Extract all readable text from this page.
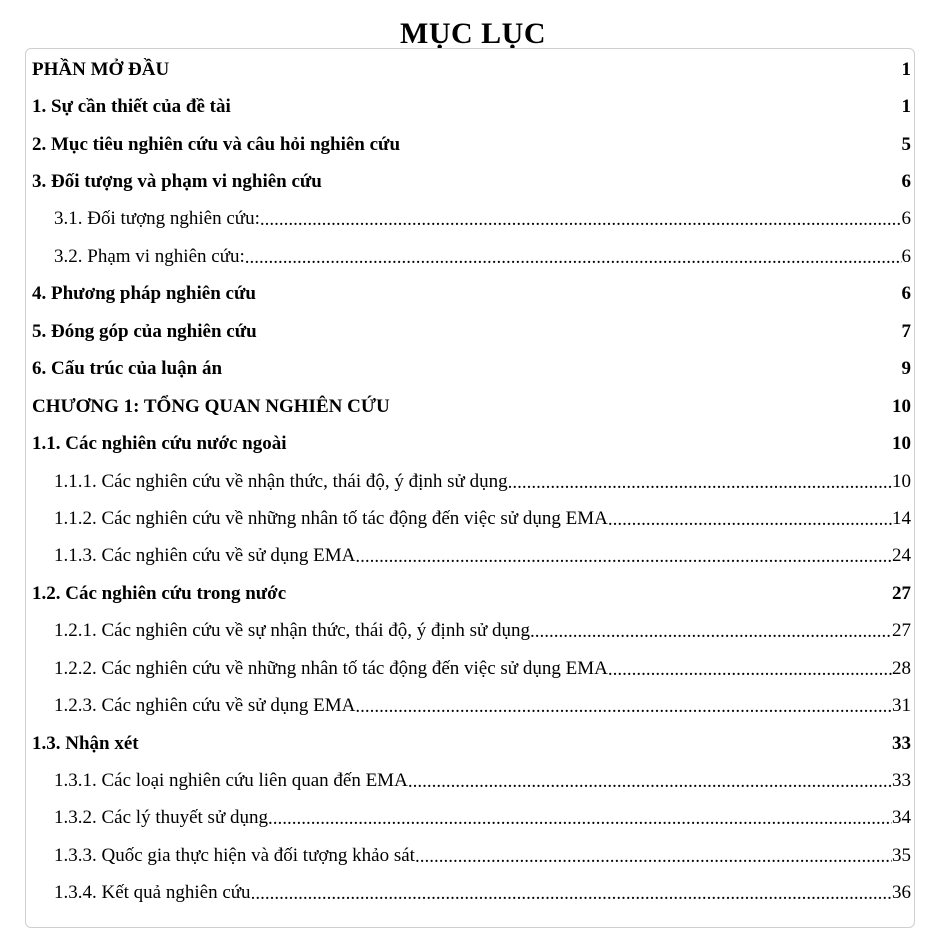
MỤC LỤC
PHẦN MỞ ĐẦU	1
1. Sự cần thiết của đề tài	1
2. Mục tiêu nghiên cứu và câu hỏi nghiên cứu	5
3. Đối tượng và phạm vi nghiên cứu	6
3.1. Đối tượng nghiên cứu: .....	6
3.2. Phạm vi nghiên cứu: .....	6
4. Phương pháp nghiên cứu	6
5. Đóng góp của nghiên cứu	7
6. Cấu trúc của luận án	9
CHƯƠNG 1: TỔNG QUAN NGHIÊN CỨU	10
1.1. Các nghiên cứu nước ngoài	10
1.1.1. Các nghiên cứu về nhận thức, thái độ, ý định sử dụng .....	10
1.1.2. Các nghiên cứu về những nhân tố tác động đến việc sử dụng EMA .....	14
1.1.3. Các nghiên cứu về sử dụng EMA .....	24
1.2. Các nghiên cứu trong nước	27
1.2.1. Các nghiên cứu về sự nhận thức, thái độ, ý định sử dụng .....	27
1.2.2. Các nghiên cứu về những nhân tố tác động đến việc sử dụng EMA .....	28
1.2.3. Các nghiên cứu về sử dụng EMA .....	31
1.3. Nhận xét	33
1.3.1. Các loại nghiên cứu liên quan đến EMA .....	33
1.3.2. Các lý thuyết sử dụng .....	34
1.3.3. Quốc gia thực hiện và đối tượng khảo sát .....	35
1.3.4. Kết quả nghiên cứu .....	36
